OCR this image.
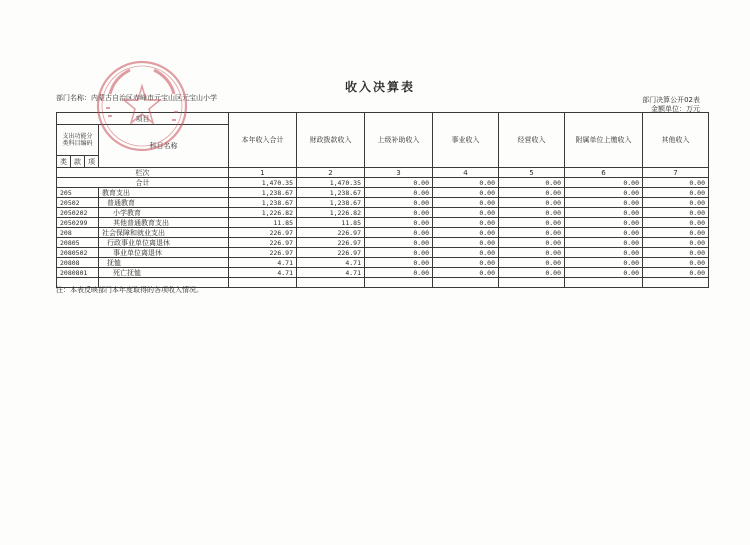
收入决算表
部门名称：内蒙古自治区赤峰市元宝山区元宝山小学	部门决算公开02表
金额单位：万元
项目				本年收入合计	财政拨款收入	上级补助收入	事业收入	经营收入	附属单位上缴收入	其他收入
支出功能分类科目编码			科目名称							
类	款	项								
栏次				1	2	3	4	5	6	7
合计				1,470.35	1,470.35	0.00	0.00	0.00	0.00	0.00
205			教育支出	1,238.67	1,238.67	0.00	0.00	0.00	0.00	0.00
20502			普通教育	1,238.67	1,238.67	0.00	0.00	0.00	0.00	0.00
2050202			小学教育	1,226.82	1,226.82	0.00	0.00	0.00	0.00	0.00
2050299			其他普通教育支出	11.85	11.85	0.00	0.00	0.00	0.00	0.00
208			社会保障和就业支出	226.97	226.97	0.00	0.00	0.00	0.00	0.00
20805			行政事业单位离退休	226.97	226.97	0.00	0.00	0.00	0.00	0.00
2080502			事业单位离退休	226.97	226.97	0.00	0.00	0.00	0.00	0.00
20808			抚恤	4.71	4.71	0.00	0.00	0.00	0.00	0.00
2080801			死亡抚恤	4.71	4.71	0.00	0.00	0.00	0.00	0.00

注：本表反映部门本年度取得的各项收入情况。
